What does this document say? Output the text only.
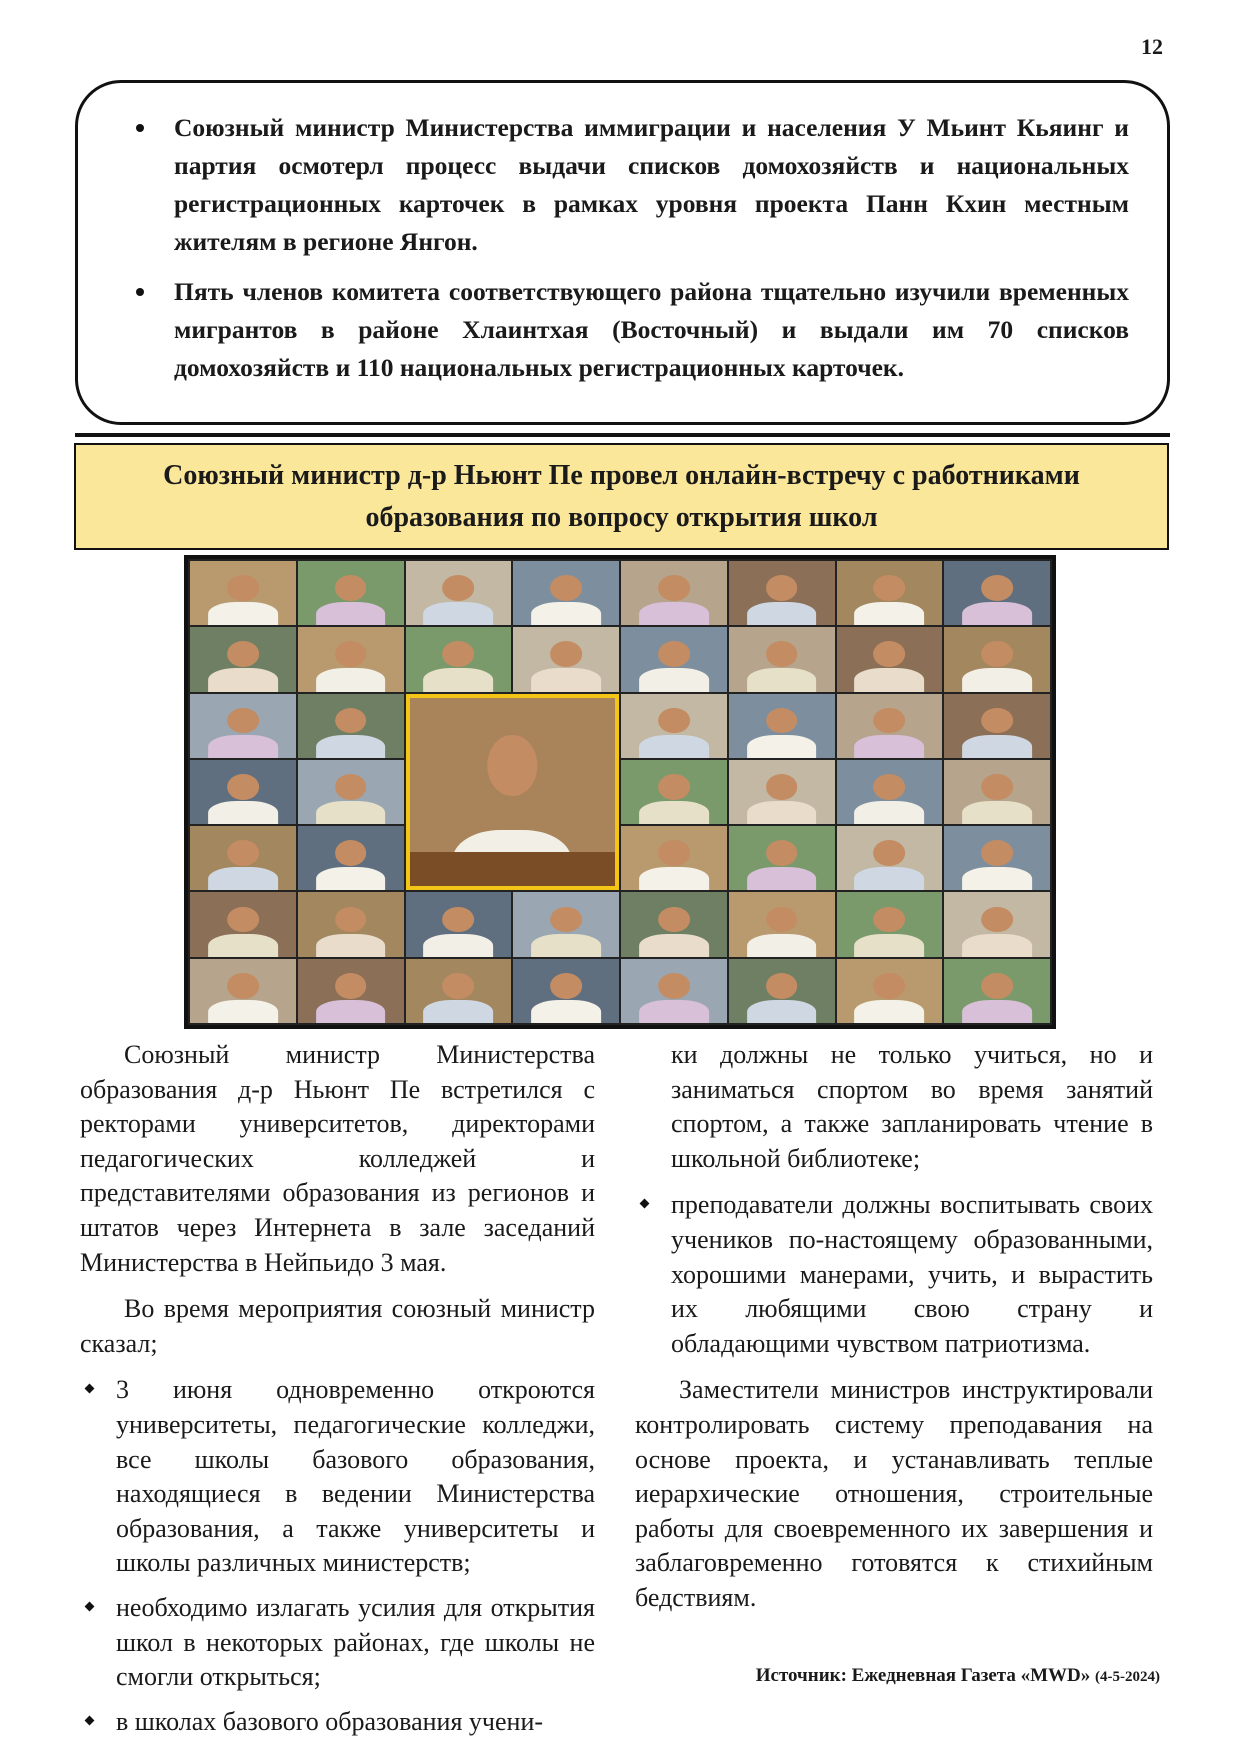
12
Союзный министр Министерства иммиграции и населения У Мьинт Кьяинг и партия осмотерл процесс выдачи списков домохозяйств и национальных регистрационных карточек в рамках уровня проекта Панн Кхин местным жителям в регионе Янгон.
Пять членов комитета соответствующего района тщательно изучили временных мигрантов в районе Хлаинтхая (Восточный) и выдали им 70 списков домохозяйств и 110 национальных регистрационных карточек.
Союзный министр д-р Ньюнт Пе провел онлайн-встречу с работниками образования по вопросу открытия школ

Союзный министр Министерства образования д-р Ньюнт Пе встретился с ректорами университетов, директорами педагогических колледжей и представителями образования из регионов и штатов через Интернета в зале заседаний Министерства в Нейпьидо 3 мая.

Во время мероприятия союзный министр сказал;

3 июня одновременно откроются университеты, педагогические колледжи, все школы базового образования, находящиеся в ведении Министерства образования, а также университеты и школы различных министерств;
необходимо излагать усилия для открытия школ в некоторых районах, где школы не смогли открыться;
в школах базового образования учени-

ки должны не только учиться, но и заниматься спортом во время занятий спортом, а также запланировать чтение в школьной библиотеке;

преподаватели должны воспитывать своих учеников по-настоящему образованными, хорошими манерами, учить, и вырастить их любящими свою страну и обладающими чувством патриотизма.

Заместители министров инструктировали контролировать систему преподавания на основе проекта, и устанавливать теплые иерархические отношения, строительные работы для своевременного их завершения и заблаговременно готовятся к стихийным бедствиям.

Источник: Ежедневная Газета «MWD» (4-5-2024)
